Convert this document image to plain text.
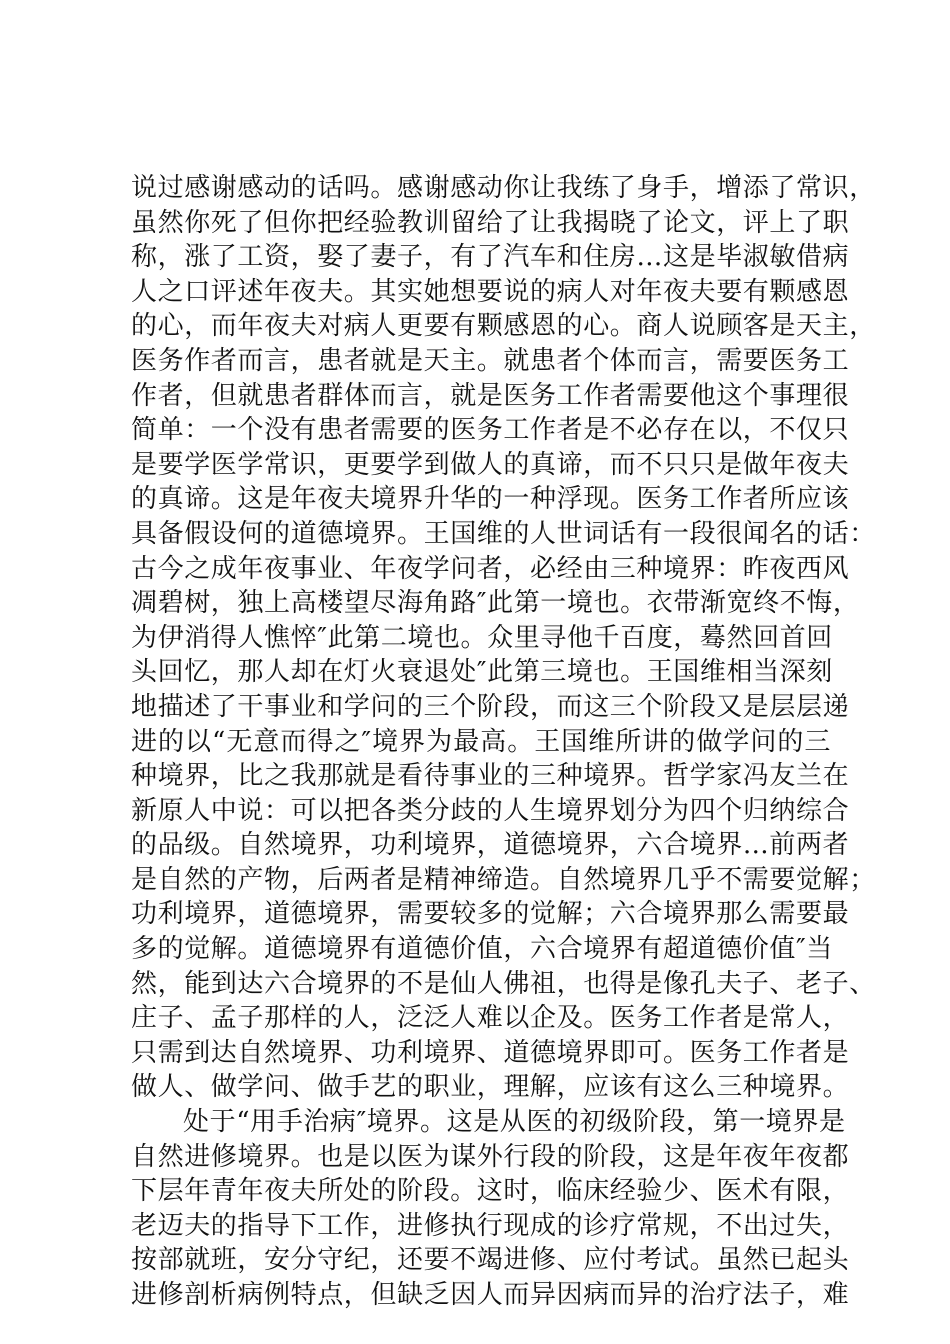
说过感谢感动的话吗。感谢感动你让我练了身手，增添了常识，
虽然你死了但你把经验教训留给了让我揭晓了论文，评上了职
称，涨了工资，娶了妻子，有了汽车和住房…这是毕淑敏借病
人之口评述年夜夫。其实她想要说的病人对年夜夫要有颗感恩
的心，而年夜夫对病人更要有颗感恩的心。商人说顾客是天主，
医务作者而言，患者就是天主。就患者个体而言，需要医务工
作者，但就患者群体而言，就是医务工作者需要他这个事理很
简单：一个没有患者需要的医务工作者是不必存在以，不仅只
是要学医学常识，更要学到做人的真谛，而不只只是做年夜夫
的真谛。这是年夜夫境界升华的一种浮现。医务工作者所应该
具备假设何的道德境界。王国维的人世词话有一段很闻名的话：
古今之成年夜事业、年夜学问者，必经由三种境界：昨夜西风
凋碧树，独上高楼望尽海角路″此第一境也。衣带渐宽终不悔，
为伊消得人憔悴″此第二境也。众里寻他千百度，蓦然回首回
头回忆，那人却在灯火衰退处″此第三境也。王国维相当深刻
地描述了干事业和学问的三个阶段，而这三个阶段又是层层递
进的以“无意而得之″境界为最高。王国维所讲的做学问的三
种境界，比之我那就是看待事业的三种境界。哲学家冯友兰在
新原人中说：可以把各类分歧的人生境界划分为四个归纳综合
的品级。自然境界，功利境界，道德境界，六合境界…前两者
是自然的产物，后两者是精神缔造。自然境界几乎不需要觉解；
功利境界，道德境界，需要较多的觉解；六合境界那么需要最
多的觉解。道德境界有道德价值，六合境界有超道德价值″当
然，能到达六合境界的不是仙人佛祖，也得是像孔夫子、老子、
庄子、孟子那样的人，泛泛人难以企及。医务工作者是常人，
只需到达自然境界、功利境界、道德境界即可。医务工作者是
做人、做学问、做手艺的职业，理解，应该有这么三种境界。
处于“用手治病″境界。这是从医的初级阶段，第一境界是
自然进修境界。也是以医为谋外行段的阶段，这是年夜年夜都
下层年青年夜夫所处的阶段。这时，临床经验少、医术有限，
老迈夫的指导下工作，进修执行现成的诊疗常规，不出过失，
按部就班，安分守纪，还要不竭进修、应付考试。虽然已起头
进修剖析病例特点，但缺乏因人而异因病而异的治疗法子，难
